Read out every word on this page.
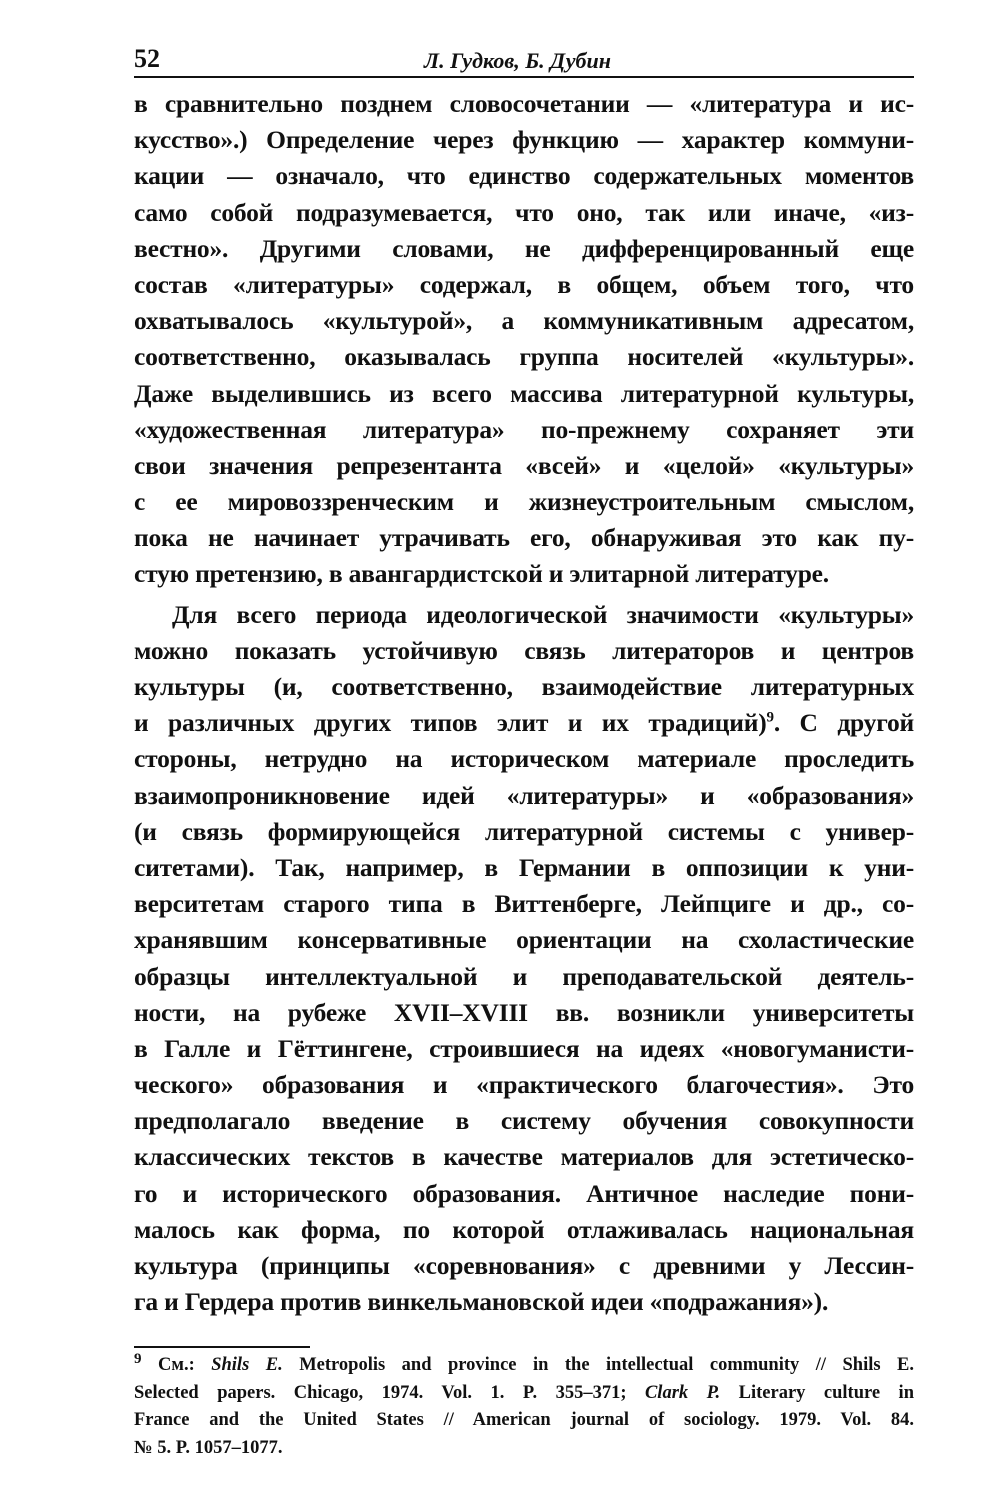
52	Л. Гудков, Б. Дубин
в сравнительно позднем словосочетании — «литература и ис-
кусство».) Определение через функцию — характер коммуни-
кации — означало, что единство содержательных моментов
само собой подразумевается, что оно, так или иначе, «из-
вестно». Другими словами, не дифференцированный еще
состав «литературы» содержал, в общем, объем того, что
охватывалось «культурой», а коммуникативным адресатом,
соответственно, оказывалась группа носителей «культуры».
Даже выделившись из всего массива литературной культуры,
«художественная литература» по-прежнему сохраняет эти
свои значения репрезентанта «всей» и «целой» «культуры»
с ее мировоззренческим и жизнеустроительным смыслом,
пока не начинает утрачивать его, обнаруживая это как пу-
стую претензию, в авангардистской и элитарной литературе.
Для всего периода идеологической значимости «культуры»
можно показать устойчивую связь литераторов и центров
культуры (и, соответственно, взаимодействие литературных
и различных других типов элит и их традиций)$^9$. С другой
стороны, нетрудно на историческом материале проследить
взаимопроникновение идей «литературы» и «образования»
(и связь формирующейся литературной системы с универ-
ситетами). Так, например, в Германии в оппозиции к уни-
верситетам старого типа в Виттенберге, Лейпциге и др., со-
хранявшим консервативные ориентации на схоластические
образцы интеллектуальной и преподавательской деятель-
ности, на рубеже XVII–XVIII вв. возникли университеты
в Галле и Гёттингене, строившиеся на идеях «новогуманисти-
ческого» образования и «практического благочестия». Это
предполагало введение в систему обучения совокупности
классических текстов в качестве материалов для эстетическо-
го и исторического образования. Античное наследие пони-
малось как форма, по которой отлаживалась национальная
культура (принципы «соревнования» с древними у Лессин-
га и Гердера против винкельмановской идеи «подражания»).
$^9$ См.: Shils E. Metropolis and province in the intellectual community // Shils E.
Selected papers. Chicago, 1974. Vol. 1. P. 355–371; Clark P. Literary culture in
France and the United States // American journal of sociology. 1979. Vol. 84.
№ 5. P. 1057–1077.
